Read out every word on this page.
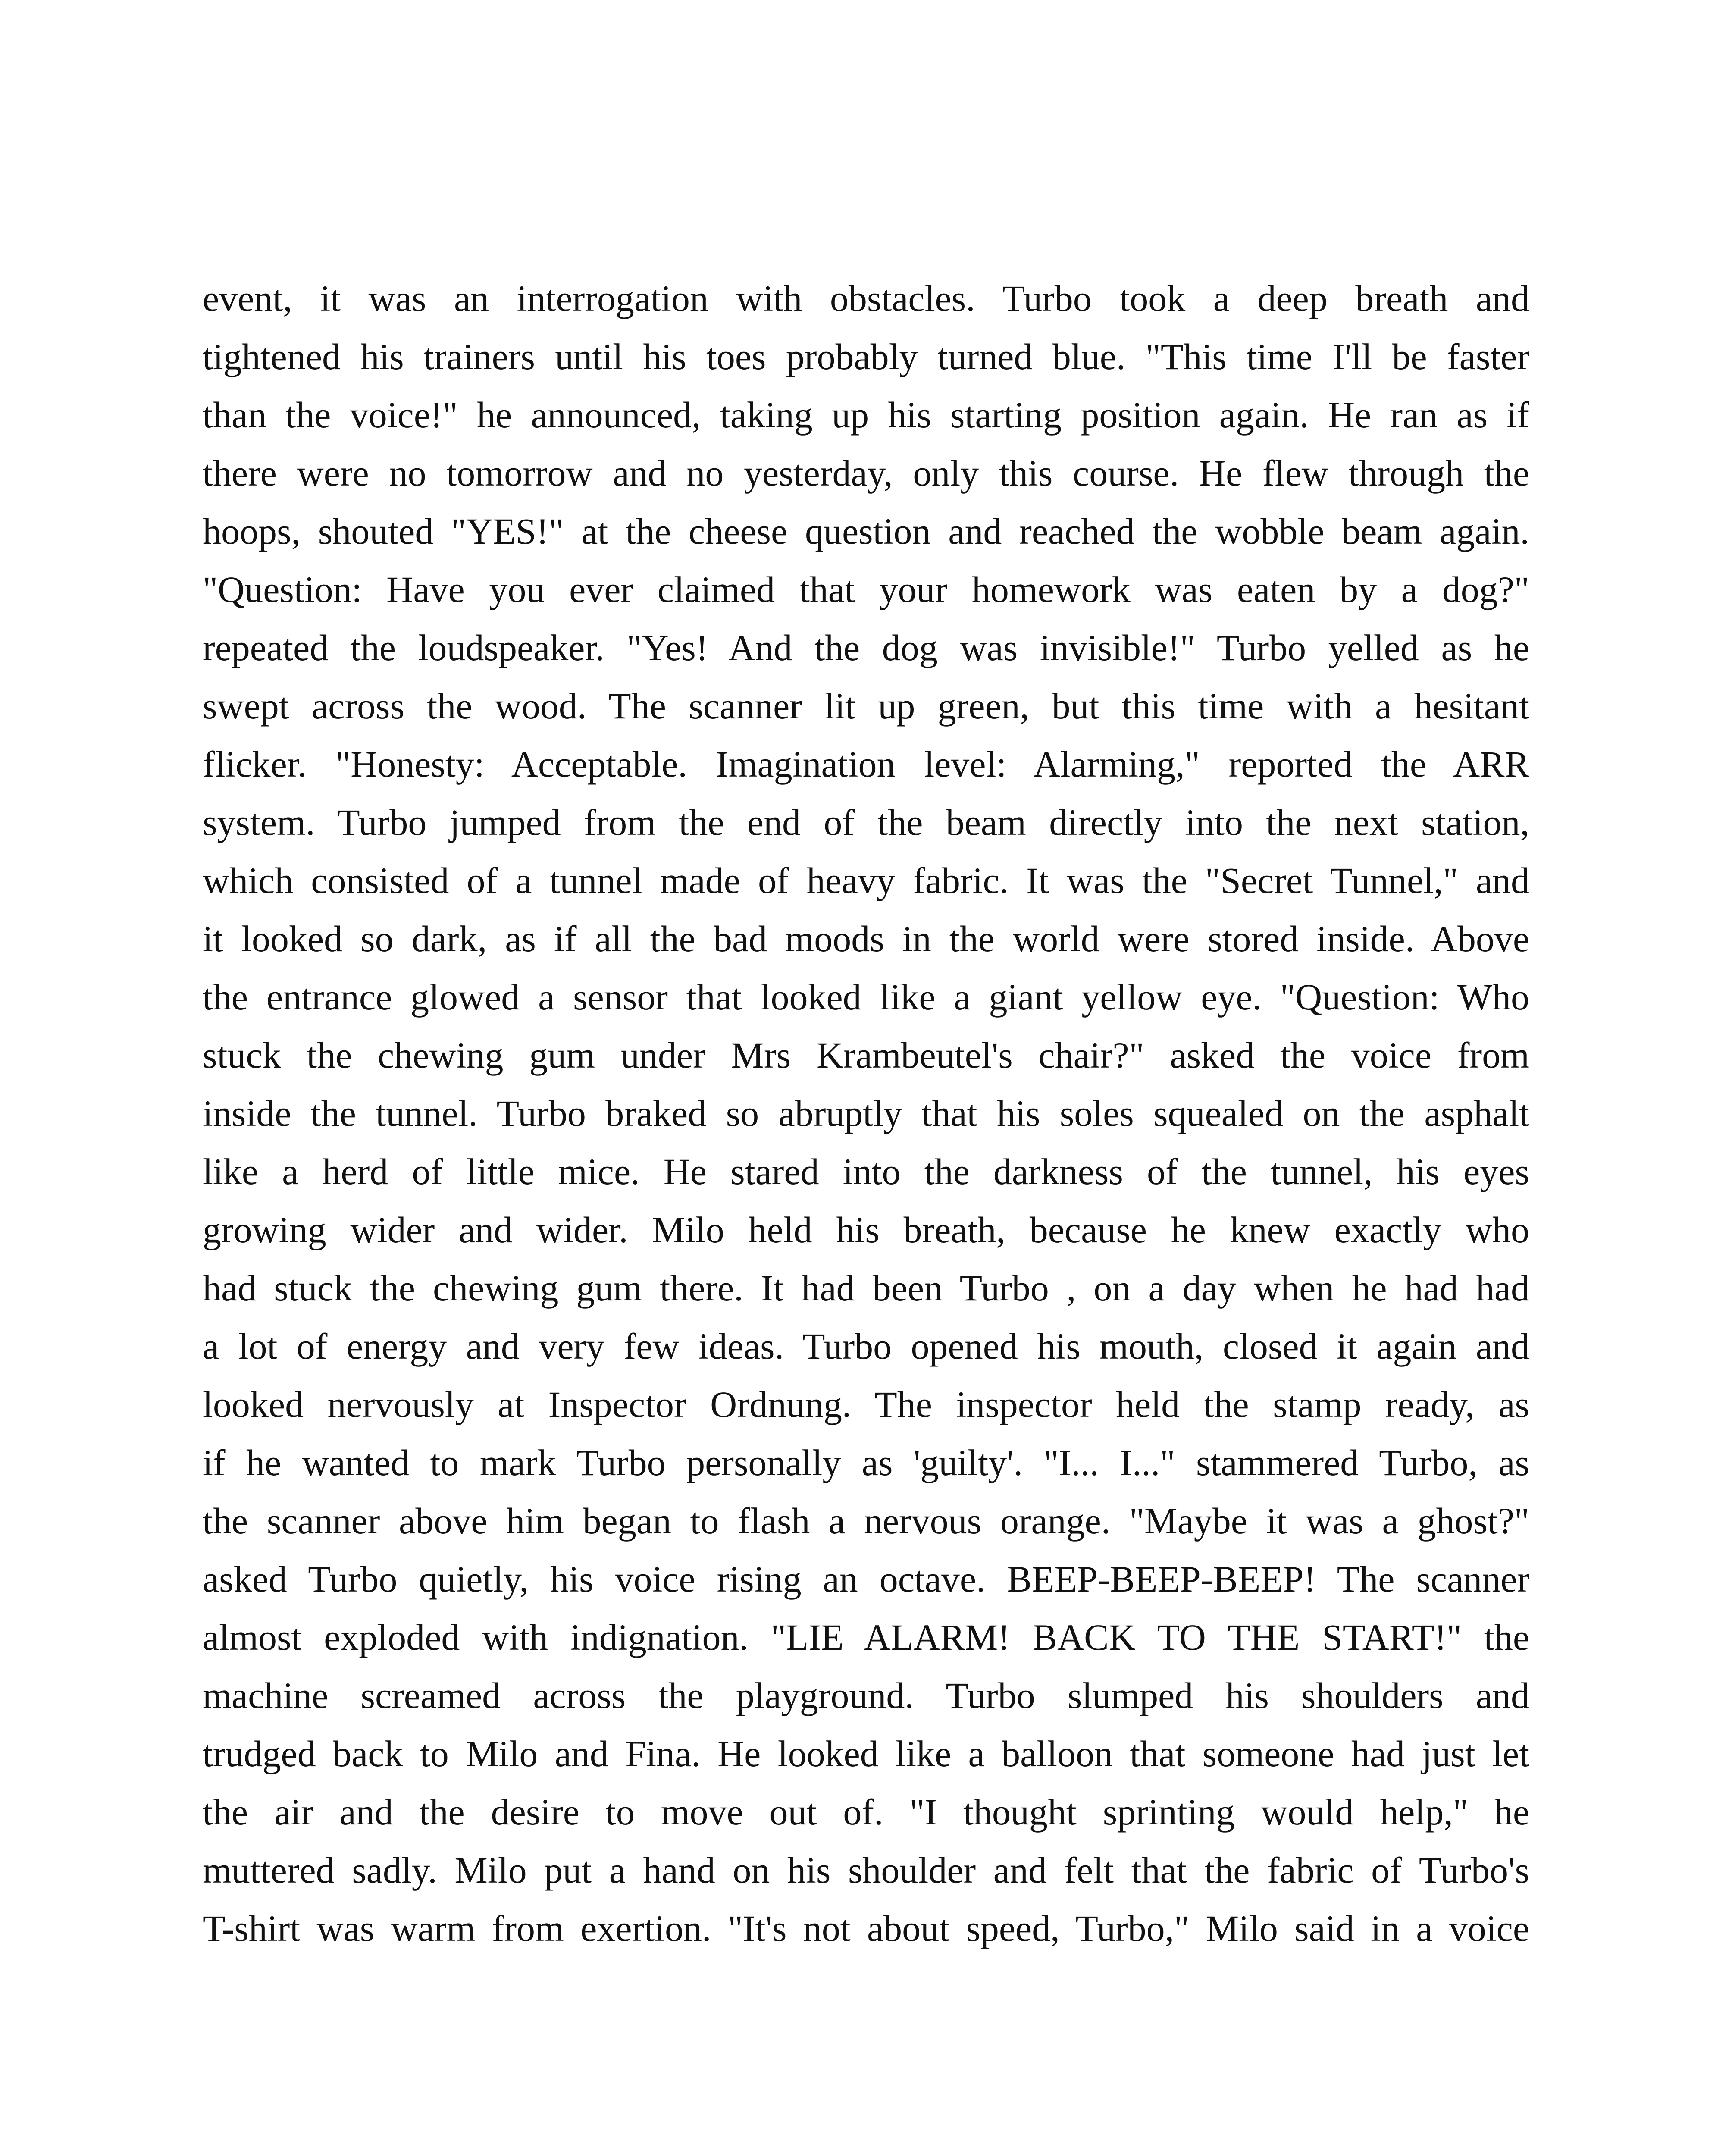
event, it was an interrogation with obstacles. Turbo took a deep breath and
tightened his trainers until his toes probably turned blue. "This time I'll be faster
than the voice!" he announced, taking up his starting position again. He ran as if
there were no tomorrow and no yesterday, only this course. He flew through the
hoops, shouted "YES!" at the cheese question and reached the wobble beam again.
"Question: Have you ever claimed that your homework was eaten by a dog?"
repeated the loudspeaker. "Yes! And the dog was invisible!" Turbo yelled as he
swept across the wood. The scanner lit up green, but this time with a hesitant
flicker. "Honesty: Acceptable. Imagination level: Alarming," reported the ARR
system. Turbo jumped from the end of the beam directly into the next station,
which consisted of a tunnel made of heavy fabric. It was the "Secret Tunnel," and
it looked so dark, as if all the bad moods in the world were stored inside. Above
the entrance glowed a sensor that looked like a giant yellow eye. "Question: Who
stuck the chewing gum under Mrs Krambeutel's chair?" asked the voice from
inside the tunnel. Turbo braked so abruptly that his soles squealed on the asphalt
like a herd of little mice. He stared into the darkness of the tunnel, his eyes
growing wider and wider. Milo held his breath, because he knew exactly who
had stuck the chewing gum there. It had been Turbo , on a day when he had had
a lot of energy and very few ideas. Turbo opened his mouth, closed it again and
looked nervously at Inspector Ordnung. The inspector held the stamp ready, as
if he wanted to mark Turbo personally as 'guilty'. "I... I..." stammered Turbo, as
the scanner above him began to flash a nervous orange. "Maybe it was a ghost?"
asked Turbo quietly, his voice rising an octave. BEEP-BEEP-BEEP! The scanner
almost exploded with indignation. "LIE ALARM! BACK TO THE START!" the
machine screamed across the playground. Turbo slumped his shoulders and
trudged back to Milo and Fina. He looked like a balloon that someone had just let
the air and the desire to move out of. "I thought sprinting would help," he
muttered sadly. Milo put a hand on his shoulder and felt that the fabric of Turbo's
T-shirt was warm from exertion. "It's not about speed, Turbo," Milo said in a voice
